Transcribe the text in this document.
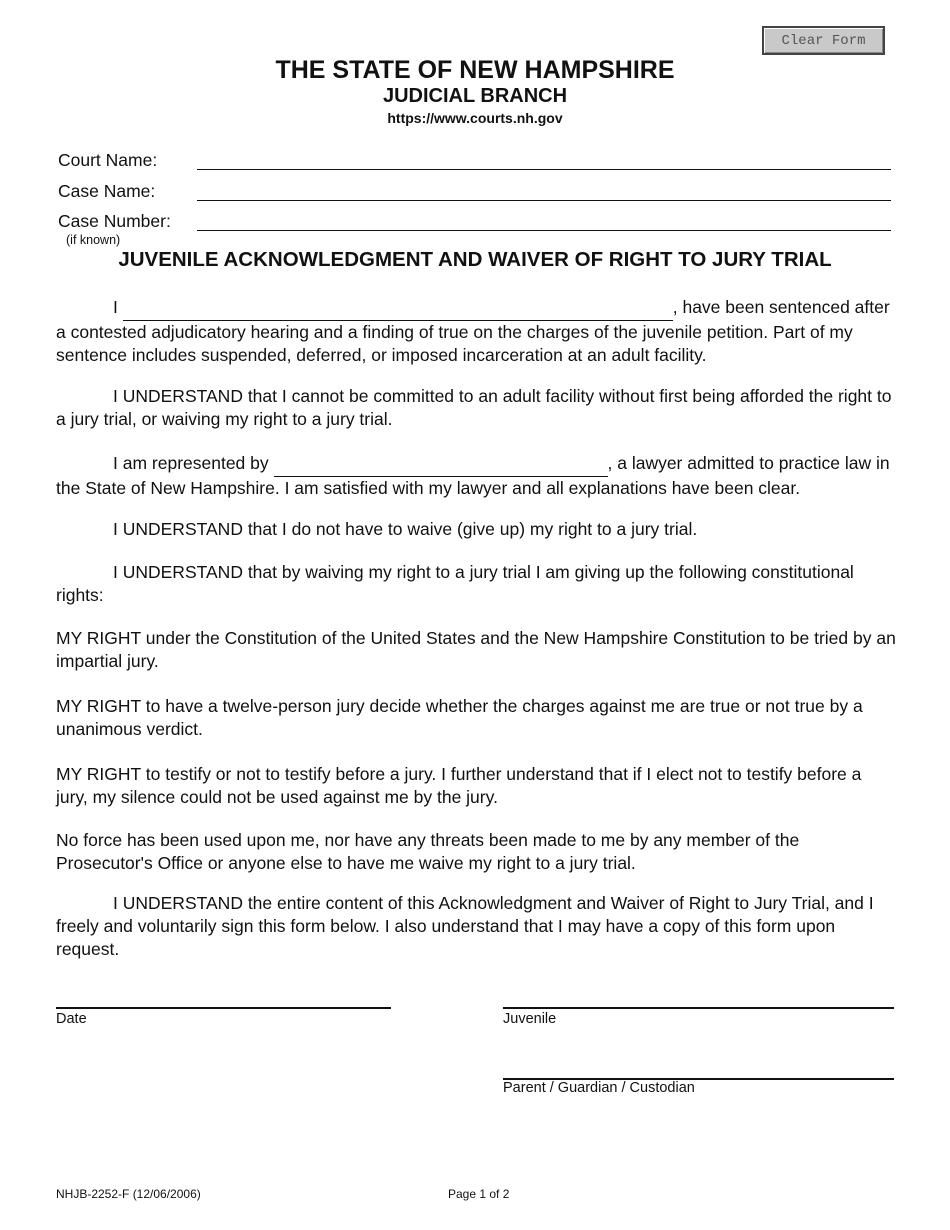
Clear Form
THE STATE OF NEW HAMPSHIRE
JUDICIAL BRANCH
https://www.courts.nh.gov
Court Name:
Case Name:
Case Number:
(if known)
JUVENILE ACKNOWLEDGMENT AND WAIVER OF RIGHT TO JURY TRIAL

I	, have been sentenced after a contested adjudicatory hearing and a finding of true on the charges of the juvenile petition. Part of my sentence includes suspended, deferred, or imposed incarceration at an adult facility.

I UNDERSTAND that I cannot be committed to an adult facility without first being afforded the right to a jury trial, or waiving my right to a jury trial.

I am represented by	, a lawyer admitted to practice law in the State of New Hampshire. I am satisfied with my lawyer and all explanations have been clear.

I UNDERSTAND that I do not have to waive (give up) my right to a jury trial.

I UNDERSTAND that by waiving my right to a jury trial I am giving up the following constitutional rights:

MY RIGHT under the Constitution of the United States and the New Hampshire Constitution to be tried by an impartial jury.

MY RIGHT to have a twelve-person jury decide whether the charges against me are true or not true by a unanimous verdict.

MY RIGHT to testify or not to testify before a jury. I further understand that if I elect not to testify before a jury, my silence could not be used against me by the jury.

No force has been used upon me, nor have any threats been made to me by any member of the Prosecutor's Office or anyone else to have me waive my right to a jury trial.

I UNDERSTAND the entire content of this Acknowledgment and Waiver of Right to Jury Trial, and I freely and voluntarily sign this form below. I also understand that I may have a copy of this form upon request.

Date	Juvenile
Parent / Guardian / Custodian
NHJB-2252-F (12/06/2006)	Page 1 of 2
